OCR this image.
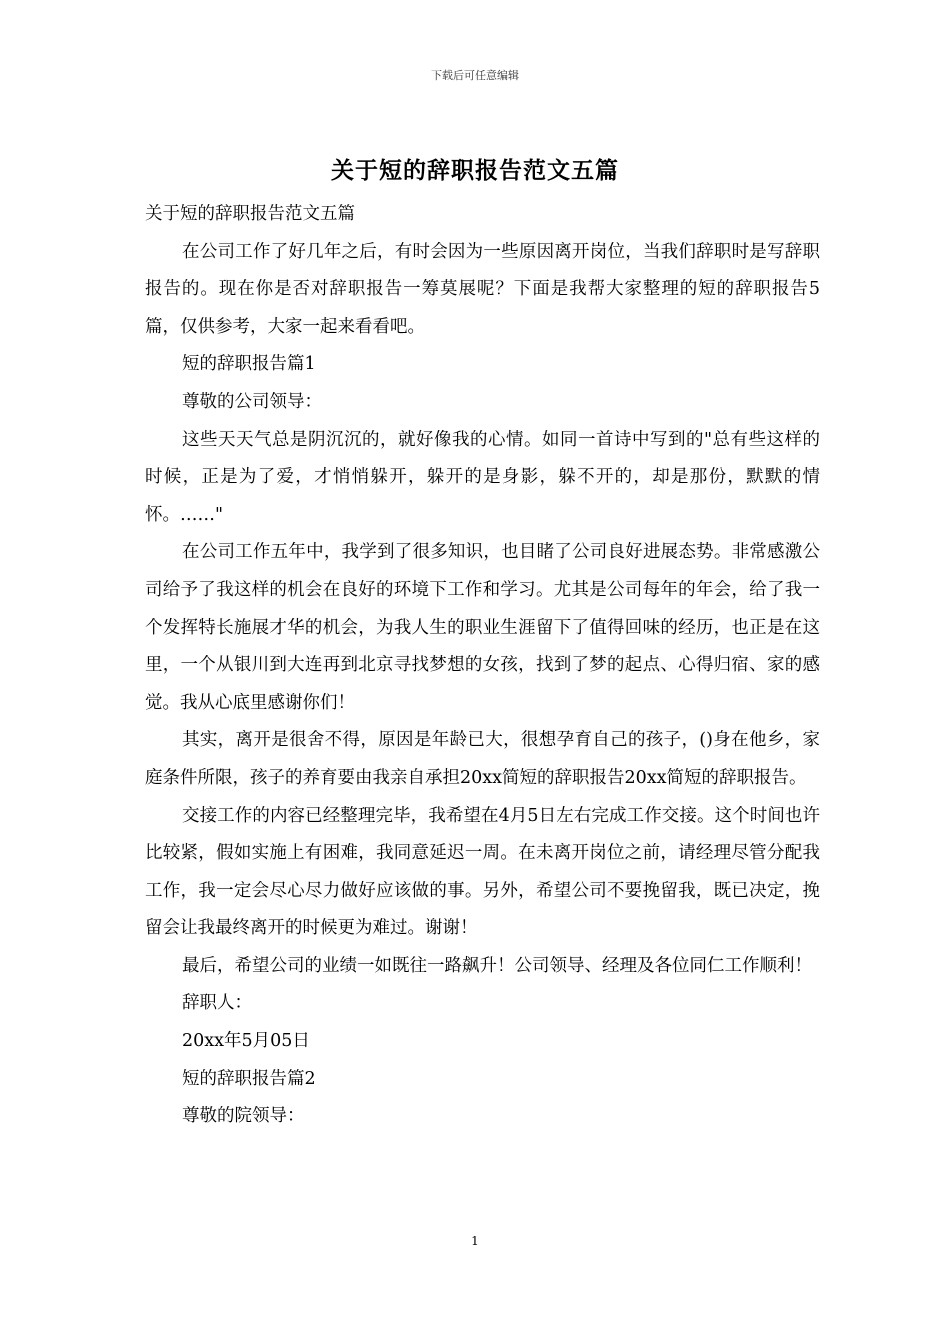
下载后可任意编辑
关于短的辞职报告范文五篇

关于短的辞职报告范文五篇

在公司工作了好几年之后，有时会因为一些原因离开岗位，当我们辞职时是写辞职报告的。现在你是否对辞职报告一筹莫展呢？下面是我帮大家整理的短的辞职报告5篇，仅供参考，大家一起来看看吧。

短的辞职报告篇1

尊敬的公司领导：

这些天天气总是阴沉沉的，就好像我的心情。如同一首诗中写到的"总有些这样的时候，正是为了爱，才悄悄躲开，躲开的是身影，躲不开的，却是那份，默默的情怀。……"

在公司工作五年中，我学到了很多知识，也目睹了公司良好进展态势。非常感激公司给予了我这样的机会在良好的环境下工作和学习。尤其是公司每年的年会，给了我一个发挥特长施展才华的机会，为我人生的职业生涯留下了值得回味的经历，也正是在这里，一个从银川到大连再到北京寻找梦想的女孩，找到了梦的起点、心得归宿、家的感觉。我从心底里感谢你们！

其实，离开是很舍不得，原因是年龄已大，很想孕育自己的孩子，()身在他乡，家庭条件所限，孩子的养育要由我亲自承担20xx简短的辞职报告20xx简短的辞职报告。

交接工作的内容已经整理完毕，我希望在4月5日左右完成工作交接。这个时间也许比较紧，假如实施上有困难，我同意延迟一周。在未离开岗位之前，请经理尽管分配我工作，我一定会尽心尽力做好应该做的事。另外，希望公司不要挽留我，既已决定，挽留会让我最终离开的时候更为难过。谢谢！

最后，希望公司的业绩一如既往一路飙升！公司领导、经理及各位同仁工作顺利！

辞职人：

20xx年5月05日

短的辞职报告篇2

尊敬的院领导：

1
